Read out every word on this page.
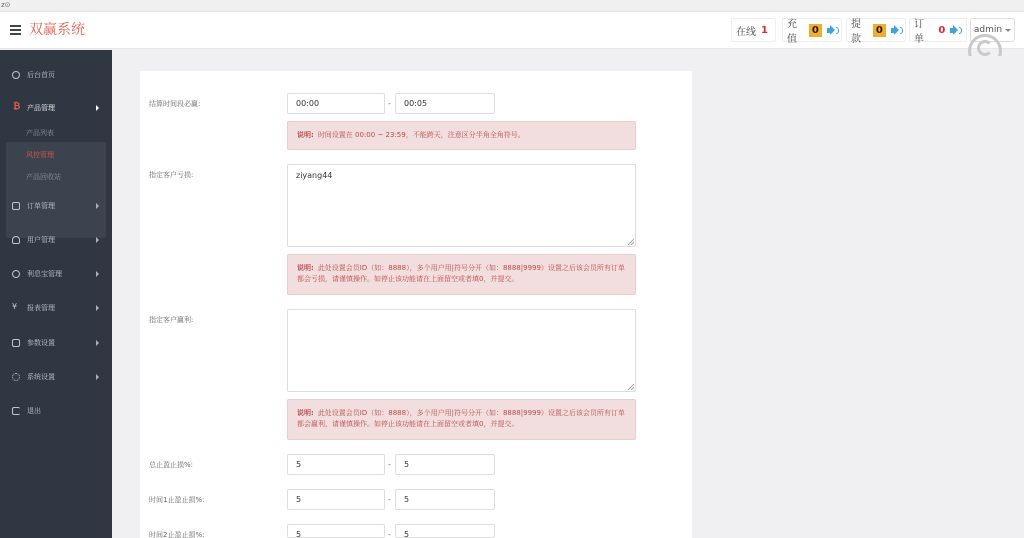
z⊙
双赢系统	在线 1 充值
0	提款
0	订单
0	admin
后台首页
₿ 产品管理
产品列表
风控管理
产品回收站
订单管理
用户管理
利息宝管理
¥	报表管理
参数设置
系统设置
退出
结算时间段必赢:	00:00	-	00:05
说明: 时间设置在 00:00 ~ 23:59，不能跨天，注意区分半角全角符号。
指定客户亏损:	ziyang44
说明: 此处设置会员ID（如：8888），多个用户用|符号分开（如：8888|9999）设置之后该会员所有订单都会亏损，请谨慎操作。如停止该功能请在上面留空或者填0，并提交。
指定客户赢利:
说明: 此处设置会员ID（如：8888），多个用户用|符号分开（如：8888|9999）设置之后该会员所有订单都会赢利，请谨慎操作。如停止该功能请在上面留空或者填0，并提交。
总止盈止损%:	5	-	5
时间1止盈止损%:	5	-	5
时间2止盈止损%:	5	-	5
